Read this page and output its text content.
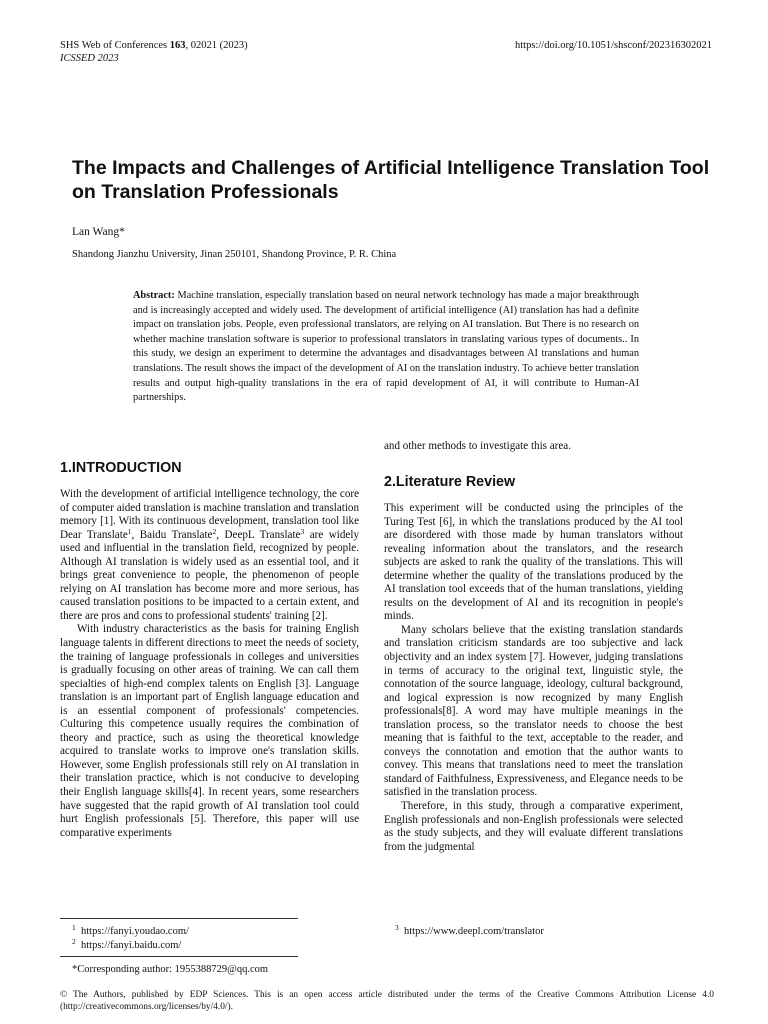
SHS Web of Conferences 163, 02021 (2023)
ICSSED 2023
https://doi.org/10.1051/shsconf/202316302021
The Impacts and Challenges of Artificial Intelligence Translation Tool on Translation Professionals
Lan Wang*
Shandong Jianzhu University, Jinan 250101, Shandong Province, P. R. China

Abstract: Machine translation, especially translation based on neural network technology has made a major breakthrough and is increasingly accepted and widely used. The development of artificial intelligence (AI) translation has had a definite impact on translation jobs. People, even professional translators, are relying on AI translation. But There is no research on whether machine translation software is superior to professional translators in translating various types of documents.. In this study, we design an experiment to determine the advantages and disadvantages between AI translations and human translations. The result shows the impact of the development of AI on the translation industry. To achieve better translation results and output high-quality translations in the era of rapid development of AI, it will contribute to Human-AI partnerships.

1.INTRODUCTION

With the development of artificial intelligence technology, the core of computer aided translation is machine translation and translation memory [1]. With its continuous development, translation tool like Dear Translate$^1$, Baidu Translate$^2$, DeepL Translate$^3$ are widely used and influential in the translation field, recognized by people. Although AI translation is widely used as an essential tool, and it brings great convenience to people, the phenomenon of people relying on AI translation has become more and more serious, has caused translation positions to be impacted to a certain extent, and there are pros and cons to professional students' training [2].

With industry characteristics as the basis for training English language talents in different directions to meet the needs of society, the training of language professionals in colleges and universities is gradually focusing on other areas of training. We can call them specialties of high-end complex talents on English [3]. Language translation is an important part of English language education and is an essential component of professionals' competencies. Culturing this competence usually requires the combination of theory and practice, such as using the theoretical knowledge acquired to translate works to improve one's translation skills. However, some English professionals still rely on AI translation in their translation practice, which is not conducive to developing their English language skills[4]. In recent years, some researchers have suggested that the rapid growth of AI translation tool could hurt English professionals [5]. Therefore, this paper will use comparative experiments

and other methods to investigate this area.
2.Literature Review

This experiment will be conducted using the principles of the Turing Test [6], in which the translations produced by the AI tool are disordered with those made by human translators without revealing information about the translators, and the research subjects are asked to rank the quality of the translations. This will determine whether the quality of the translations produced by the AI translation tool exceeds that of the human translations, yielding results on the development of AI and its recognition in people's minds.

Many scholars believe that the existing translation standards and translation criticism standards are too subjective and lack objectivity and an index system [7]. However, judging translations in terms of accuracy to the original text, linguistic style, the connotation of the source language, ideology, cultural background, and logical expression is now recognized by many English professionals[8]. A word may have multiple meanings in the translation process, so the translator needs to choose the best meaning that is faithful to the text, acceptable to the reader, and conveys the connotation and emotion that the author wants to convey. This means that translations need to meet the translation standard of Faithfulness, Expressiveness, and Elegance needs to be satisfied in the translation process.

Therefore, in this study, through a comparative experiment, English professionals and non-English professionals were selected as the study subjects, and they will evaluate different translations from the judgmental

$^1$ https://fanyi.youdao.com/
$^2$ https://fanyi.baidu.com/
$^3$ https://www.deepl.com/translator
*Corresponding author: 1955388729@qq.com

© The Authors, published by EDP Sciences. This is an open access article distributed under the terms of the Creative Commons Attribution License 4.0 (http://creativecommons.org/licenses/by/4.0/).
